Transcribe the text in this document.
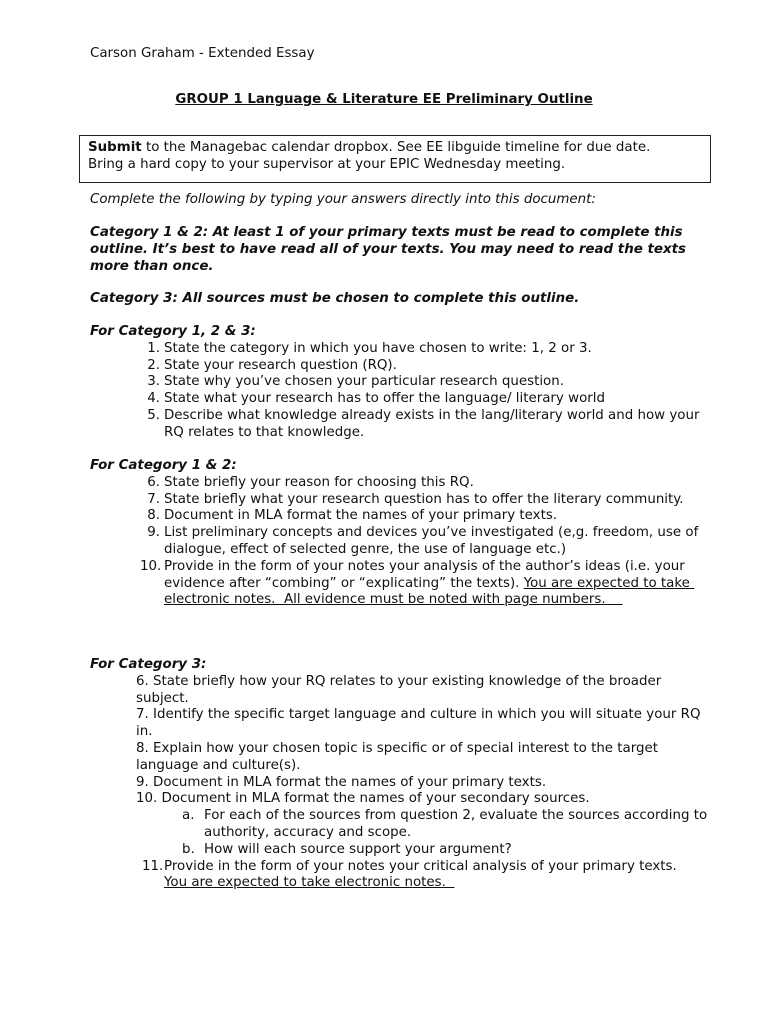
Carson Graham - Extended Essay
GROUP 1 Language & Literature EE Preliminary Outline
Submit to the Managebac calendar dropbox. See EE libguide timeline for due date.
Bring a hard copy to your supervisor at your EPIC Wednesday meeting.
Complete the following by typing your answers directly into this document:
Category 1 & 2: At least 1 of your primary texts must be read to complete this outline. It’s best to have read all of your texts. You may need to read the texts more than once.
Category 3: All sources must be chosen to complete this outline.
For Category 1, 2 & 3:
1. State the category in which you have chosen to write: 1, 2 or 3.
2. State your research question (RQ).
3. State why you’ve chosen your particular research question.
4. State what your research has to offer the language/ literary world
5. Describe what knowledge already exists in the lang/literary world and how your RQ relates to that knowledge.
For Category 1 & 2:
6. State briefly your reason for choosing this RQ.
7. State briefly what your research question has to offer the literary community.
8. Document in MLA format the names of your primary texts.
9. List preliminary concepts and devices you’ve investigated (e,g. freedom, use of dialogue, effect of selected genre, the use of language etc.)
10. Provide in the form of your notes your analysis of the author’s ideas (i.e. your evidence after “combing” or “explicating” the texts). You are expected to take electronic notes.  All evidence must be noted with page numbers.
For Category 3:
6. State briefly how your RQ relates to your existing knowledge of the broader subject.
7. Identify the specific target language and culture in which you will situate your RQ in.
8. Explain how your chosen topic is specific or of special interest to the target language and culture(s).
9. Document in MLA format the names of your primary texts.
10. Document in MLA format the names of your secondary sources.
a. For each of the sources from question 2, evaluate the sources according to authority, accuracy and scope.
b. How will each source support your argument?
11. Provide in the form of your notes your critical analysis of your primary texts.
You are expected to take electronic notes.
